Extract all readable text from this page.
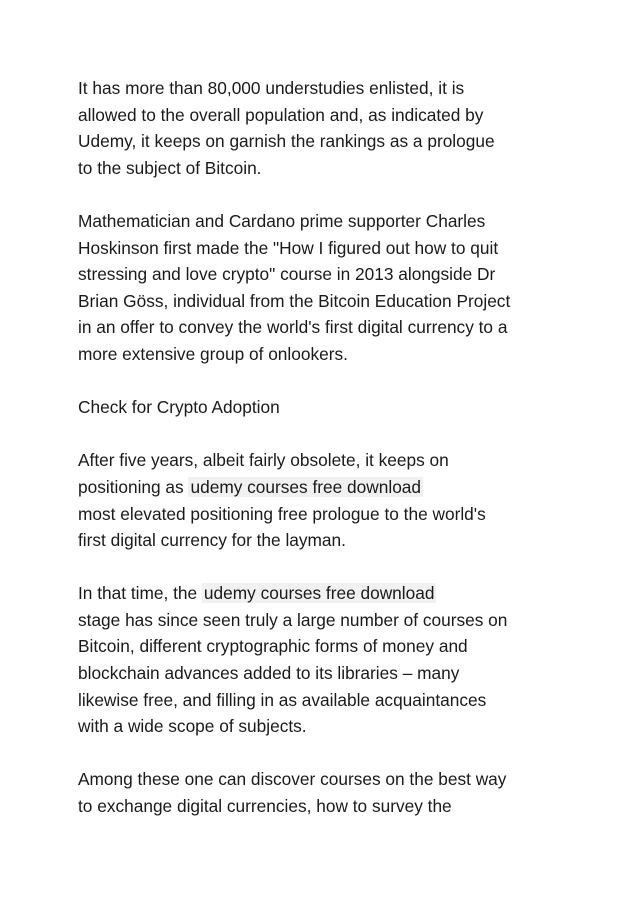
It has more than 80,000 understudies enlisted, it is
allowed to the overall population and, as indicated by
Udemy, it keeps on garnish the rankings as a prologue
to the subject of Bitcoin.

Mathematician and Cardano prime supporter Charles
Hoskinson first made the "How I figured out how to quit
stressing and love crypto" course in 2013 alongside Dr
Brian Göss, individual from the Bitcoin Education Project
in an offer to convey the world's first digital currency to a
more extensive group of onlookers.

Check for Crypto Adoption

After five years, albeit fairly obsolete, it keeps on
positioning as udemy courses free download
most elevated positioning free prologue to the world's
first digital currency for the layman.

In that time, the udemy courses free download
stage has since seen truly a large number of courses on
Bitcoin, different cryptographic forms of money and
blockchain advances added to its libraries – many
likewise free, and filling in as available acquaintances
with a wide scope of subjects.

Among these one can discover courses on the best way
to exchange digital currencies, how to survey the
